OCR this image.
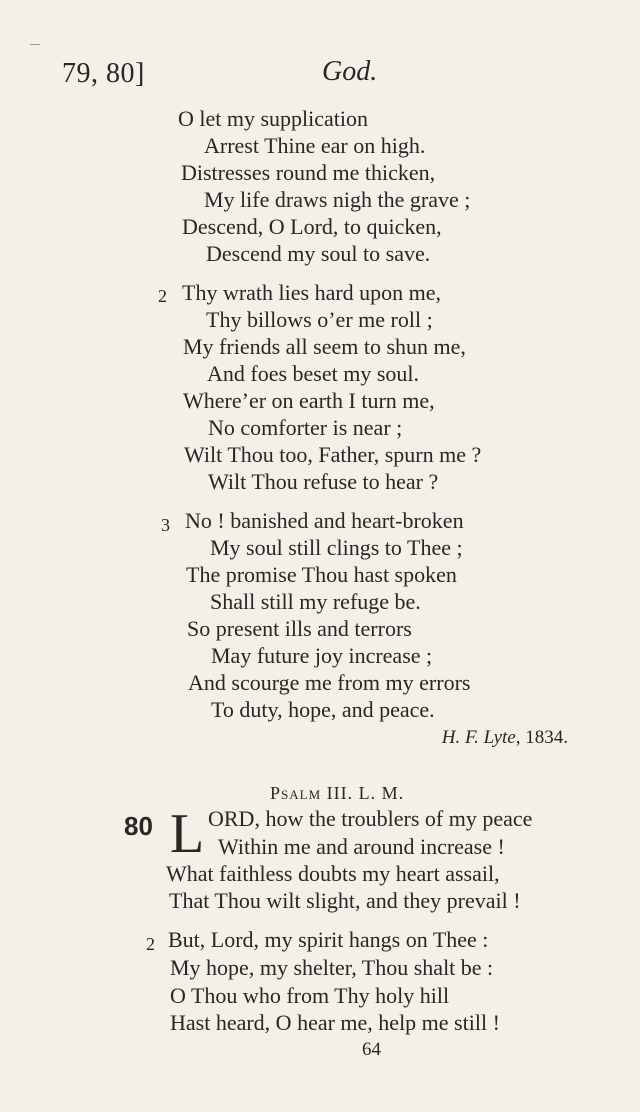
79, 80]	God.
O let my supplication
Arrest Thine ear on high.
Distresses round me thicken,
My life draws nigh the grave ;
Descend, O Lord, to quicken,
Descend my soul to save.
2 Thy wrath lies hard upon me,
Thy billows o’er me roll ;
My friends all seem to shun me,
And foes beset my soul.
Where’er on earth I turn me,
No comforter is near ;
Wilt Thou too, Father, spurn me ?
Wilt Thou refuse to hear ?
3 No ! banished and heart-broken
My soul still clings to Thee ;
The promise Thou hast spoken
Shall still my refuge be.
So present ills and terrors
May future joy increase ;
And scourge me from my errors
To duty, hope, and peace.
H. F. Lyte, 1834.
Psalm III. L. M.
80 L ORD, how the troublers of my peace
Within me and around increase !
What faithless doubts my heart assail,
That Thou wilt slight, and they prevail !
2 But, Lord, my spirit hangs on Thee :
My hope, my shelter, Thou shalt be :
O Thou who from Thy holy hill
Hast heard, O hear me, help me still !
64
